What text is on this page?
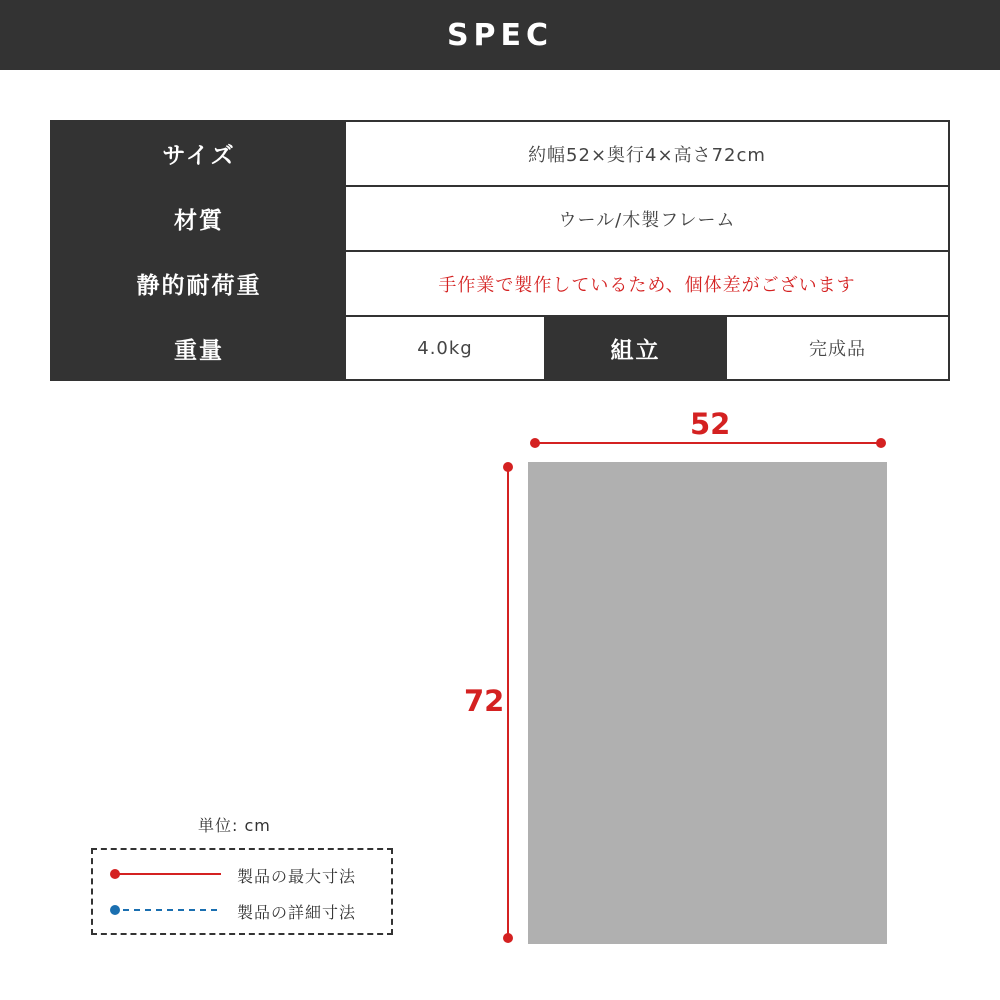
SPEC
サイズ	約幅52×奥行4×高さ72cm
材質	ウール/木製フレーム
静的耐荷重	手作業で製作しているため、個体差がございます
重量	4.0kg	組立	完成品
52
72
単位: cm
製品の最大寸法
製品の詳細寸法
